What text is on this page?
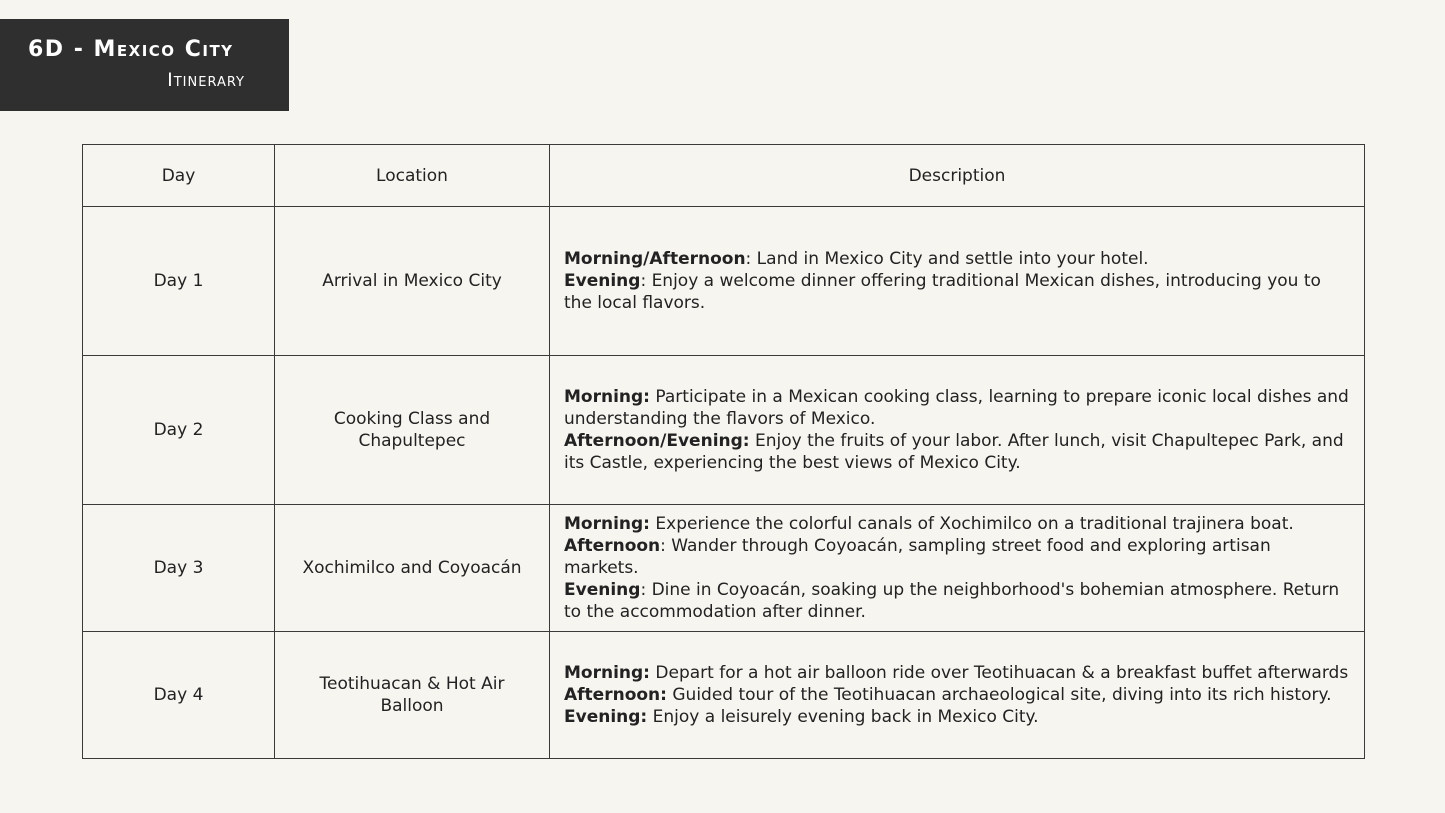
6D - Mexico City
Itinerary
Day	Location	Description
Day 1	Arrival in Mexico City	Morning/Afternoon: Land in Mexico City and settle into your hotel.
Evening: Enjoy a welcome dinner offering traditional Mexican dishes, introducing you to the local flavors.

Day 2	Cooking Class and Chapultepec	Morning: Participate in a Mexican cooking class, learning to prepare iconic local dishes and understanding the flavors of Mexico.
Afternoon/Evening: Enjoy the fruits of your labor. After lunch, visit Chapultepec Park, and its Castle, experiencing the best views of Mexico City.

Day 3	Xochimilco and Coyoacán	Morning: Experience the colorful canals of Xochimilco on a traditional trajinera boat.
Afternoon: Wander through Coyoacán, sampling street food and exploring artisan markets.
Evening: Dine in Coyoacán, soaking up the neighborhood's bohemian atmosphere. Return to the accommodation after dinner.

Day 4	Teotihuacan & Hot Air Balloon	Morning: Depart for a hot air balloon ride over Teotihuacan & a breakfast buffet afterwards
Afternoon: Guided tour of the Teotihuacan archaeological site, diving into its rich history.
Evening: Enjoy a leisurely evening back in Mexico City.
